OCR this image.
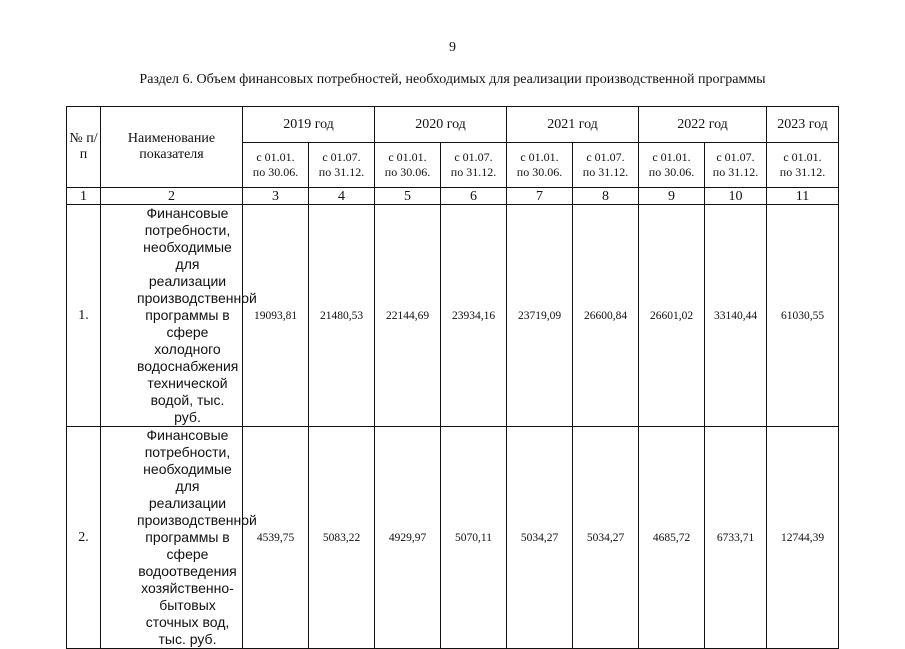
9
Раздел 6. Объем финансовых потребностей, необходимых для реализации производственной программы
№ п/п	Наименование показателя	2019 год		2020 год		2021 год		2022 год		2023 год
		с 01.01. по 30.06.	с 01.07. по 31.12.	с 01.01. по 30.06.	с 01.07. по 31.12.	с 01.01. по 30.06.	с 01.07. по 31.12.	с 01.01. по 30.06.	с 01.07. по 31.12.	с 01.01. по 31.12.
1	2	3	4	5	6	7	8	9	10	11
1.	Финансовые потребности, необходимые для реализации производственной программы в сфере холодного водоснабжения технической водой, тыс. руб.	19093,81	21480,53	22144,69	23934,16	23719,09	26600,84	26601,02	33140,44	61030,55
2.	Финансовые потребности, необходимые для реализации производственной программы в сфере водоотведения хозяйственно-бытовых сточных вод, тыс. руб.	4539,75	5083,22	4929,97	5070,11	5034,27	5034,27	4685,72	6733,71	12744,39
